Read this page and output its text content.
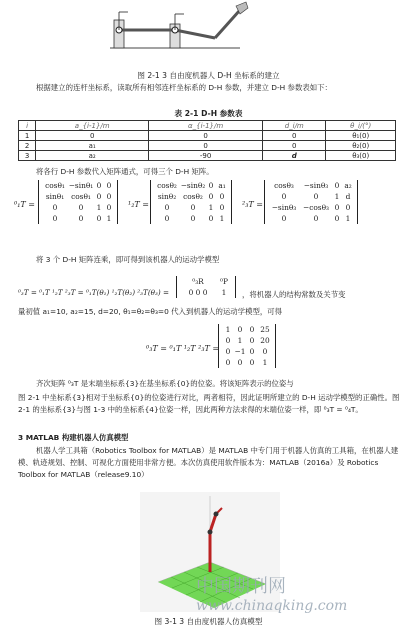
图 2-1 3 自由度机器人 D-H 坐标系的建立
根据建立的连杆坐标系，读取所有相邻连杆坐标系的 D-H 参数，并建立 D-H 参数表如下：
表 2-1 D-H 参数表
i	a_{i-1}/m	α_{i-1}/m	d_i/m	θ_i/(°)
1	0	0	0	θ₁(0)
2	a₁	0	0	θ₂(0)
3	a₂	-90	d	θ₃(0)
将各行 D-H 参数代入矩阵通式，可得三个 D-H 矩阵。
⁰₁T =
cosθ₁ −sinθ₁ 0 0
sinθ₁ cosθ₁ 0 0
0	0	1 0
0	0	0 1
¹₂T =
cosθ₂ −sinθ₂ 0 a₁
sinθ₂ cosθ₂ 0 0
0	0	1 0
0	0	0 1
²₃T =
cosθ₃	−sinθ₃ 0 a₂
0	0	1 d
−sinθ₃ −cosθ₃ 0 0
0	0	0 1
将 3 个 D-H 矩阵连乘，即可得到该机器人的运动学模型
⁰₃T = ⁰₁T ¹₂T ²₃T = ⁰₁T(θ₁) ¹₂T(θ₂) ²₃T(θ₃) =
⁰₃R	⁰P
0 0 0	1	，将机器人的结构常数及关节变
量初值 a₁=10, a₂=15, d=20, θ₁=θ₂=θ₃=0 代入到机器人的运动学模型，可得
⁰₃T = ⁰₁T ¹₂T ²₃T =
1 0 0 25
0 1 0 20
0 −1 0	0
0 0 0	1
齐次矩阵 ⁰₃T 是末端坐标系{3}在基坐标系{0}的位姿。将该矩阵表示的位姿与
图 2-1 中坐标系{3}相对于坐标系{0}的位姿进行对比，两者相符，因此证明所建立的 D-H 运动学模型的正确性。图 2-1 的坐标系{3}与图 1-3 中的坐标系{4}位姿一样，因此两种方法求得的末端位姿一样，即 ⁰₃T = ⁰₄T。
3 MATLAB 构建机器人仿真模型
机器人学工具箱（Robotics Toolbox for MATLAB）是 MATLAB 中专门用于机器人仿真的工具箱，在机器人建模、轨迹规划、控制、可视化方面使用非常方便。本次仿真使用软件版本为：MATLAB（2016a）及 Robotics Toolbox for MATLAB（release9.10）
图 3-1 3 自由度机器人仿真模型
中国期刊网
www.chinaqking.com
